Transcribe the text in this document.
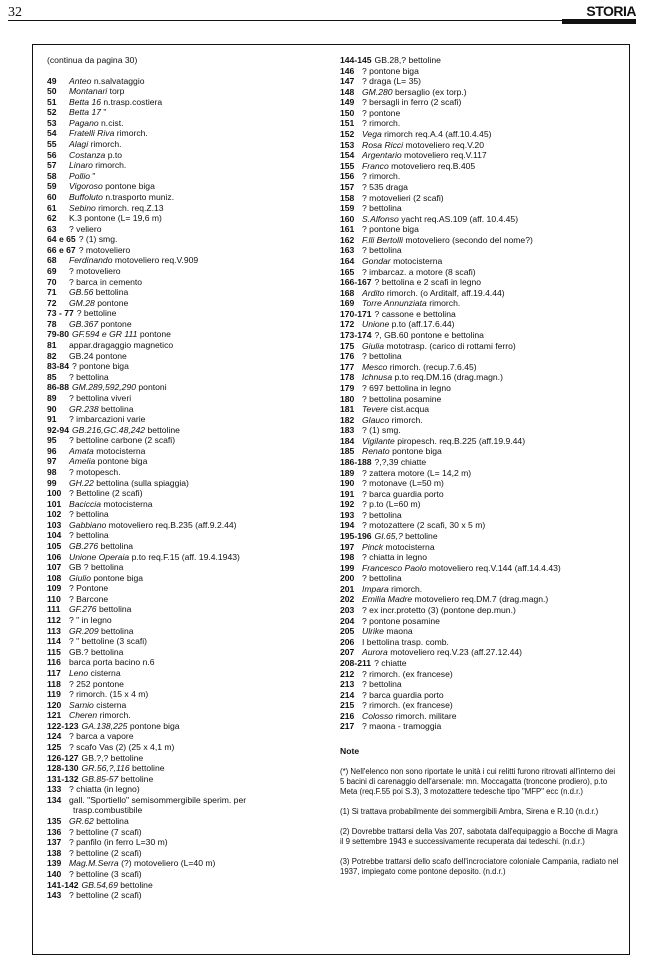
32	STORIA
(continua da pagina 30)
49 Anteo n.salvataggio
50 Montanari torp
51 Betta 16 n.trasp.costiera
52 Betta 17 "
53 Pagano n.cist.
54 Fratelli Riva rimorch.
55 Alagi rimorch.
56 Costanza p.to
57 Linaro rimorch.
58 Pollio "
59 Vigoroso pontone biga
60 Buffoluto n.trasporto muniz.
61 Sebino rimorch. req.Z.13
62 K.3 pontone (L= 19,6 m)
63 ? veliero
64 e 65 ? (1) smg.
66 e 67 ? motoveliero
68 Ferdinando motoveliero req.V.909
69 ? motoveliero
70 ? barca in cemento
71 GB.56 bettolina
72 GM.28 pontone
73 - 77 ? bettoline
78 GB.367 pontone
79-80 GF.594 e GR 111 pontone
81 appar.dragaggio magnetico
82 GB.24 pontone
83-84 ? pontone biga
85 ? bettolina
86-88 GM.289,592,290 pontoni
89 ? bettolina viveri
90 GR.238 bettolina
91 ? imbarcazioni varie
92-94 GB.216,GC.48,242 bettoline
95 ? bettoline carbone (2 scafi)
96 Amata motocisterna
97 Amelia pontone biga
98 ? motopesch.
99 GH.22 bettolina (sulla spiaggia)
100 ? Bettoline (2 scafi)
101 Baciccia motocisterna
102 ? bettolina
103 Gabbiano motoveliero req.B.235 (aff.9.2.44)
104 ? bettolina
105 GB.276 bettolina
106 Unione Operaia p.to req.F.15 (aff. 19.4.1943)
107 GB ? bettolina
108 Giulio pontone biga
109 ? Pontone
110 ? Barcone
111 GF.276 bettolina
112 ? " in legno
113 GR.209 bettolina
114 ? " bettoline (3 scafi)
115 GB.? bettolina
116 barca porta bacino n.6
117 Leno cisterna
118 ? 252 pontone
119 ? rimorch. (15 x 4 m)
120 Sarnio cisterna
121 Cheren rimorch.
122-123 GA.138,225 pontone biga
124 ? barca a vapore
125 ? scafo Vas (2) (25 x 4,1 m)
126-127 GB.?,? bettoline
128-130 GR.56,?,116 bettoline
131-132 GB.85-57 bettoline
133 ? chiatta (in legno)
134 gall. "Sportiello" semisommergibile sperim. per
trasp.combustibile
135 GR.62 bettolina
136 ? bettoline (7 scafi)
137 ? panfilo (in ferro L=30 m)
138 ? bettoline (2 scafi)
139 Mag.M.Serra (?) motoveliero (L=40 m)
140 ? bettoline (3 scafi)
141-142 GB.54,69 bettoline
143 ? bettoline (2 scafi)
144-145 GB.28,? bettoline
146 ? pontone biga
147 ? draga (L= 35)
148 GM.280 bersaglio (ex torp.)
149 ? bersagli in ferro (2 scafi)
150 ? pontone
151 ? rimorch.
152 Vega rimorch req.A.4 (aff.10.4.45)
153 Rosa Ricci motoveliero req.V.20
154 Argentario motoveliero req.V.117
155 Franco motoveliero req.B.405
156 ? rimorch.
157 ? 535 draga
158 ? motovelieri (2 scafi)
159 ? bettolina
160 S.Alfonso yacht req.AS.109 (aff. 10.4.45)
161 ? pontone biga
162 F.lli Bertolli motoveliero (secondo del nome?)
163 ? bettolina
164 Gondar motocisterna
165 ? imbarcaz. a motore (8 scafi)
166-167 ? bettolina e 2 scafi in legno
168 Ardito rimorch. (o Arditalf, aff.19.4.44)
169 Torre Annunziata rimorch.
170-171 ? cassone e bettolina
172 Unione p.to (aff.17.6.44)
173-174 ?, GB.60 pontone e bettolina
175 Giulia mototrasp. (carico di rottami ferro)
176 ? bettolina
177 Mesco rimorch. (recup.7.6.45)
178 Ichnusa p.to req.DM.16 (drag.magn.)
179 ? 697 bettolina in legno
180 ? bettolina posamine
181 Tevere cist.acqua
182 Glauco rimorch.
183 ? (1) smg.
184 Vigilante piropesch. req.B.225 (aff.19.9.44)
185 Renato pontone biga
186-188 ?,?,39 chiatte
189 ? zattera motore (L= 14,2 m)
190 ? motonave (L=50 m)
191 ? barca guardia porto
192 ? p.to (L=60 m)
193 ? bettolina
194 ? motozattere (2 scafi, 30 x 5 m)
195-196 GI.65,? bettoline
197 Pinck motocisterna
198 ? chiatta in legno
199 Francesco Paolo motoveliero req.V.144 (aff.14.4.43)
200 ? bettolina
201 Impara rimorch.
202 Emilia Madre motoveliero req.DM.7 (drag.magn.)
203 ? ex incr.protetto (3) (pontone dep.mun.)
204 ? pontone posamine
205 Ulrike maona
206 I bettolina trasp. comb.
207 Aurora motoveliero req.V.23 (aff.27.12.44)
208-211 ? chiatte
212 ? rimorch. (ex francese)
213 ? bettolina
214 ? barca guardia porto
215 ? rimorch. (ex francese)
216 Colosso rimorch. militare
217 ? maona - tramoggia
Note
(*) Nell'elenco non sono riportate le unità i cui relitti furono ritrovati all'interno dei 5 bacini di carenaggio dell'arsenale: mn. Moccagatta (troncone prodiero), p.to Meta (req.F.55 poi S.3), 3 motozattere tedesche tipo "MFP" ecc (n.d.r.)
(1) Si trattava probabilmente dei sommergibili Ambra, Sirena e R.10 (n.d.r.)
(2) Dovrebbe trattarsi della Vas 207, sabotata dall'equipaggio a Bocche di Magra il 9 settembre 1943 e successivamente recuperata dai tedeschi. (n.d.r.)
(3) Potrebbe trattarsi dello scafo dell'incrociatore coloniale Campania, radiato nel 1937, impiegato come pontone deposito. (n.d.r.)
